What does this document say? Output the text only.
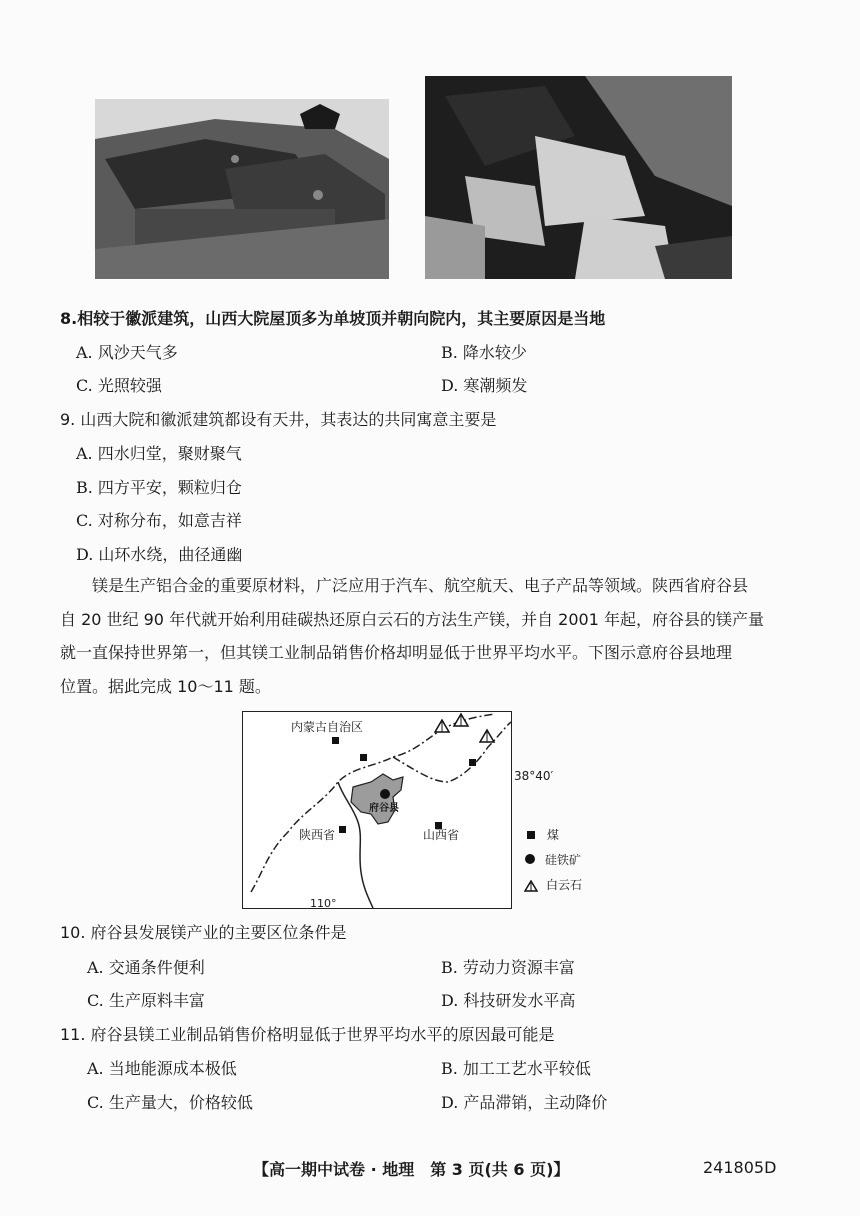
8.相较于徽派建筑，山西大院屋顶多为单坡顶并朝向院内，其主要原因是当地
A. 风沙天气多	B. 降水较少
C. 光照较强	D. 寒潮频发
9. 山西大院和徽派建筑都设有天井，其表达的共同寓意主要是
A. 四水归堂，聚财聚气
B. 四方平安，颗粒归仓
C. 对称分布，如意吉祥
D. 山环水绕，曲径通幽
镁是生产铝合金的重要原材料，广泛应用于汽车、航空航天、电子产品等领域。陕西省府谷县
自 20 世纪 90 年代就开始利用硅碳热还原白云石的方法生产镁，并自 2001 年起，府谷县的镁产量
就一直保持世界第一，但其镁工业制品销售价格却明显低于世界平均水平。下图示意府谷县地理
位置。据此完成 10～11 题。
内蒙古自治区
府谷县
陕西省	山西省
38°40′
110°
煤
硅铁矿
白云石
10. 府谷县发展镁产业的主要区位条件是
A. 交通条件便利	B. 劳动力资源丰富
C. 生产原料丰富	D. 科技研发水平高
11. 府谷县镁工业制品销售价格明显低于世界平均水平的原因最可能是
A. 当地能源成本极低	B. 加工工艺水平较低
C. 生产量大，价格较低	D. 产品滞销，主动降价
【高一期中试卷 · 地理　第 3 页(共 6 页)】	241805D
